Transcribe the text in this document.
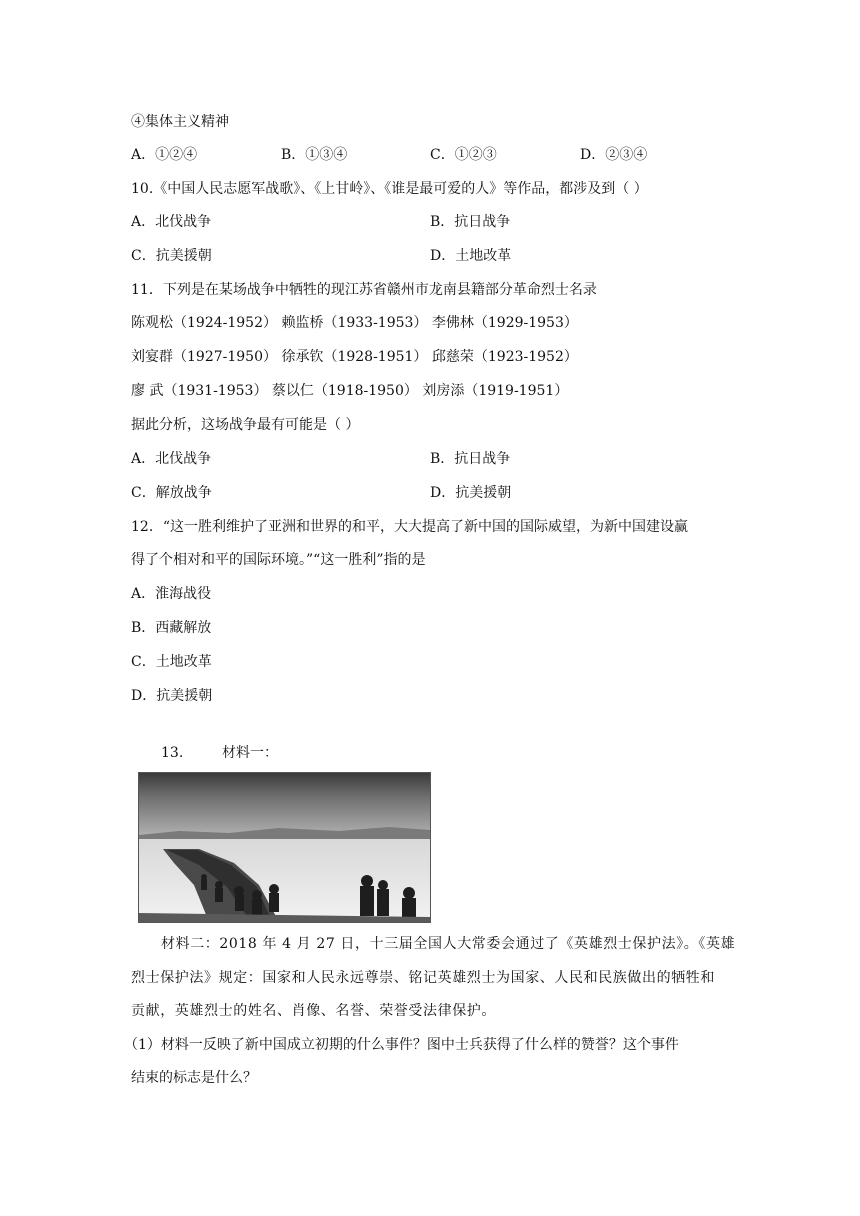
④集体主义精神
A．①②④	B．①③④	C．①②③	D．②③④
10.《中国人民志愿军战歌》、《上甘岭》、《谁是最可爱的人》等作品，都涉及到（ ）
A．北伐战争	B．抗日战争
C．抗美援朝	D．土地改革
11．下列是在某场战争中牺牲的现江苏省赣州市龙南县籍部分革命烈士名录
陈观松（1924-1952） 赖监桥（1933-1953） 李佛林（1929-1953）
刘宴群（1927-1950） 徐承钦（1928-1951） 邱慈荣（1923-1952）
廖 武（1931-1953） 蔡以仁（1918-1950） 刘房添（1919-1951）
据此分析，这场战争最有可能是（ ）
A．北伐战争	B．抗日战争
C．解放战争	D．抗美援朝
12．“这一胜利维护了亚洲和世界的和平，大大提高了新中国的国际威望，为新中国建设赢
得了个相对和平的国际环境。”“这一胜利”指的是
A．淮海战役
B．西藏解放
C．土地改革
D．抗美援朝
13.	材料一：
材料二：2018 年 4 月 27 日，十三届全国人大常委会通过了《英雄烈士保护法》。《英雄
烈士保护法》规定：国家和人民永远尊崇、铭记英雄烈士为国家、人民和民族做出的牺牲和
贡献，英雄烈士的姓名、肖像、名誉、荣誉受法律保护。
（1）材料一反映了新中国成立初期的什么事件？图中士兵获得了什么样的赞誉？这个事件
结束的标志是什么？
